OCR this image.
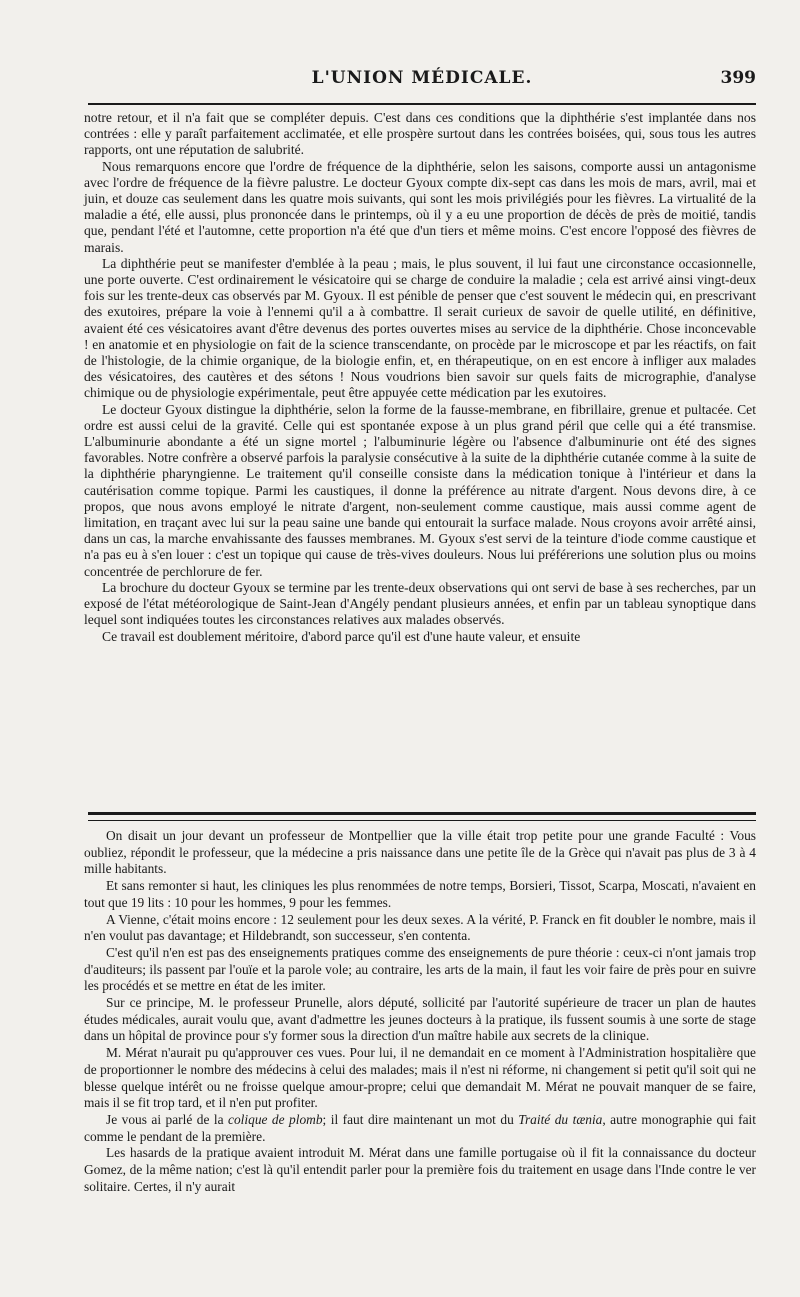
L'UNION MÉDICALE.	399

notre retour, et il n'a fait que se compléter depuis. C'est dans ces conditions que la diphthérie s'est implantée dans nos contrées : elle y paraît parfaitement acclimatée, et elle prospère surtout dans les contrées boisées, qui, sous tous les autres rapports, ont une réputation de salubrité.

Nous remarquons encore que l'ordre de fréquence de la diphthérie, selon les saisons, comporte aussi un antagonisme avec l'ordre de fréquence de la fièvre palustre. Le docteur Gyoux compte dix-sept cas dans les mois de mars, avril, mai et juin, et douze cas seulement dans les quatre mois suivants, qui sont les mois privilégiés pour les fièvres. La virtualité de la maladie a été, elle aussi, plus prononcée dans le printemps, où il y a eu une proportion de décès de près de moitié, tandis que, pendant l'été et l'automne, cette proportion n'a été que d'un tiers et même moins. C'est encore l'opposé des fièvres de marais.

La diphthérie peut se manifester d'emblée à la peau ; mais, le plus souvent, il lui faut une circonstance occasionnelle, une porte ouverte. C'est ordinairement le vésicatoire qui se charge de conduire la maladie ; cela est arrivé ainsi vingt-deux fois sur les trente-deux cas observés par M. Gyoux. Il est pénible de penser que c'est souvent le médecin qui, en prescrivant des exutoires, prépare la voie à l'ennemi qu'il a à combattre. Il serait curieux de savoir de quelle utilité, en définitive, avaient été ces vésicatoires avant d'être devenus des portes ouvertes mises au service de la diphthérie. Chose inconcevable ! en anatomie et en physiologie on fait de la science transcendante, on procède par le microscope et par les réactifs, on fait de l'histologie, de la chimie organique, de la biologie enfin, et, en thérapeutique, on en est encore à infliger aux malades des vésicatoires, des cautères et des sétons ! Nous voudrions bien savoir sur quels faits de micrographie, d'analyse chimique ou de physiologie expérimentale, peut être appuyée cette médication par les exutoires.

Le docteur Gyoux distingue la diphthérie, selon la forme de la fausse-membrane, en fibrillaire, grenue et pultacée. Cet ordre est aussi celui de la gravité. Celle qui est spontanée expose à un plus grand péril que celle qui a été transmise. L'albuminurie abondante a été un signe mortel ; l'albuminurie légère ou l'absence d'albuminurie ont été des signes favorables. Notre confrère a observé parfois la paralysie consécutive à la suite de la diphthérie cutanée comme à la suite de la diphthérie pharyngienne. Le traitement qu'il conseille consiste dans la médication tonique à l'intérieur et dans la cautérisation comme topique. Parmi les caustiques, il donne la préférence au nitrate d'argent. Nous devons dire, à ce propos, que nous avons employé le nitrate d'argent, non-seulement comme caustique, mais aussi comme agent de limitation, en traçant avec lui sur la peau saine une bande qui entourait la surface malade. Nous croyons avoir arrêté ainsi, dans un cas, la marche envahissante des fausses membranes. M. Gyoux s'est servi de la teinture d'iode comme caustique et n'a pas eu à s'en louer : c'est un topique qui cause de très-vives douleurs. Nous lui préférerions une solution plus ou moins concentrée de perchlorure de fer.

La brochure du docteur Gyoux se termine par les trente-deux observations qui ont servi de base à ses recherches, par un exposé de l'état météorologique de Saint-Jean d'Angély pendant plusieurs années, et enfin par un tableau synoptique dans lequel sont indiquées toutes les circonstances relatives aux malades observés.

Ce travail est doublement méritoire, d'abord parce qu'il est d'une haute valeur, et ensuite

On disait un jour devant un professeur de Montpellier que la ville était trop petite pour une grande Faculté : Vous oubliez, répondit le professeur, que la médecine a pris naissance dans une petite île de la Grèce qui n'avait pas plus de 3 à 4 mille habitants.

Et sans remonter si haut, les cliniques les plus renommées de notre temps, Borsieri, Tissot, Scarpa, Moscati, n'avaient en tout que 19 lits : 10 pour les hommes, 9 pour les femmes.

A Vienne, c'était moins encore : 12 seulement pour les deux sexes. A la vérité, P. Franck en fit doubler le nombre, mais il n'en voulut pas davantage; et Hildebrandt, son successeur, s'en contenta.

C'est qu'il n'en est pas des enseignements pratiques comme des enseignements de pure théorie : ceux-ci n'ont jamais trop d'auditeurs; ils passent par l'ouïe et la parole vole; au contraire, les arts de la main, il faut les voir faire de près pour en suivre les procédés et se mettre en état de les imiter.

Sur ce principe, M. le professeur Prunelle, alors député, sollicité par l'autorité supérieure de tracer un plan de hautes études médicales, aurait voulu que, avant d'admettre les jeunes docteurs à la pratique, ils fussent soumis à une sorte de stage dans un hôpital de province pour s'y former sous la direction d'un maître habile aux secrets de la clinique.

M. Mérat n'aurait pu qu'approuver ces vues. Pour lui, il ne demandait en ce moment à l'Administration hospitalière que de proportionner le nombre des médecins à celui des malades; mais il n'est ni réforme, ni changement si petit qu'il soit qui ne blesse quelque intérêt ou ne froisse quelque amour-propre; celui que demandait M. Mérat ne pouvait manquer de se faire, mais il se fit trop tard, et il n'en put profiter.

Je vous ai parlé de la colique de plomb; il faut dire maintenant un mot du Traité du tænia, autre monographie qui fait comme le pendant de la première.

Les hasards de la pratique avaient introduit M. Mérat dans une famille portugaise où il fit la connaissance du docteur Gomez, de la même nation; c'est là qu'il entendit parler pour la première fois du traitement en usage dans l'Inde contre le ver solitaire. Certes, il n'y aurait
